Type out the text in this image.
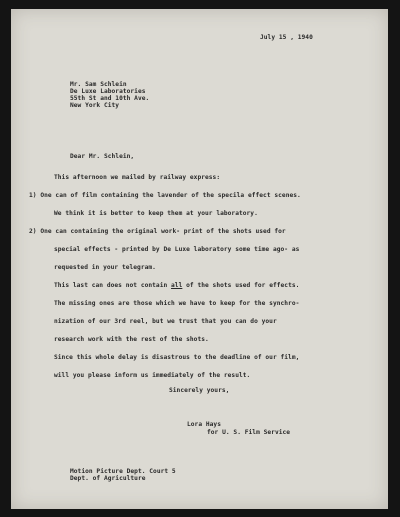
July 15 , 1940
Mr. Sam Schlein
De Luxe Laboratories
55th St and 10th Ave.
New York City
Dear Mr. Schlein,
This afternoon we mailed by railway express:
1) One can of film containing the lavender of the specila effect scenes.
We think it is better to keep them at your laboratory.
2) One can containing the original work- print of the shots used for
special effects - printed by De Luxe laboratory some time ago- as
requested in your telegram.
This last can does not contain all of the shots used for effects.
The missing ones are those which we have to keep for the synchro-
nization of our 3rd reel, but we trust that you can do your
research work with the rest of the shots.
Since this whole delay is disastrous to the deadline of our film,
will you please inform us immediately of the result.
Sincerely yours,
Lora Hays
for U. S. Film Service
Motion Picture Dept. Court 5
Dept. of Agriculture
